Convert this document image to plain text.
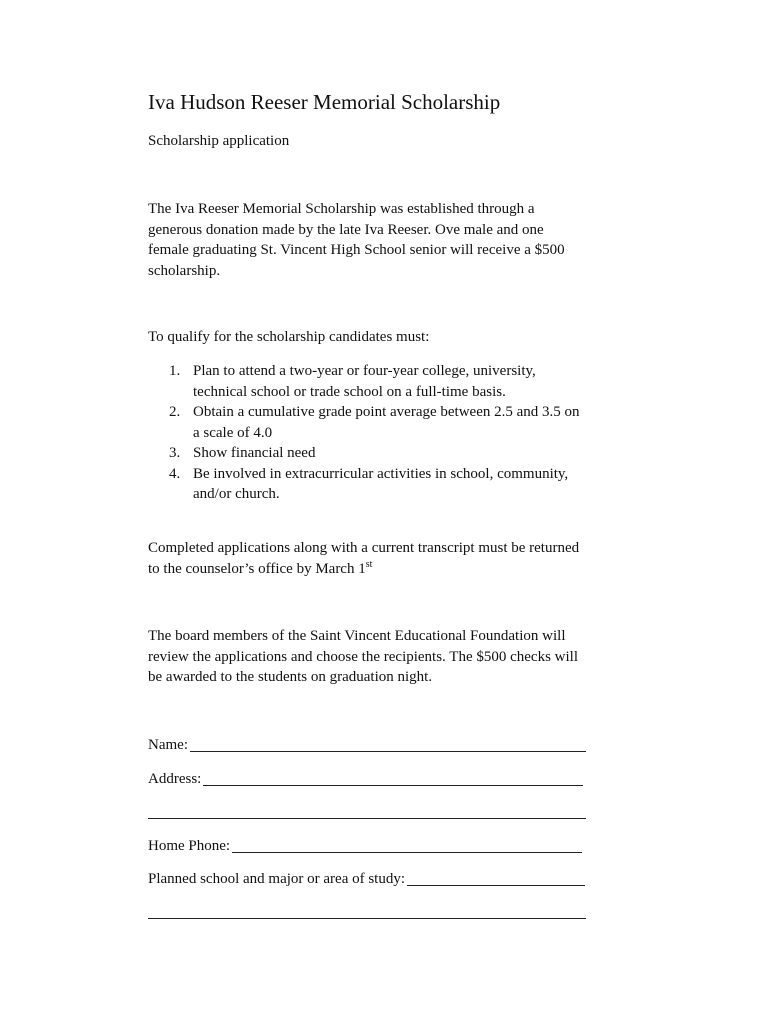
Iva Hudson Reeser Memorial Scholarship
Scholarship application

The Iva Reeser Memorial Scholarship was established through a generous donation made by the late Iva Reeser. Ove male and one female graduating St. Vincent High School senior will receive a $500 scholarship.

To qualify for the scholarship candidates must:

1. Plan to attend a two-year or four-year college, university, technical school or trade school on a full-time basis.
2. Obtain a cumulative grade point average between 2.5 and 3.5 on a scale of 4.0
3. Show financial need
4. Be involved in extracurricular activities in school, community, and/or church.

Completed applications along with a current transcript must be returned to the counselor’s office by March 1st

The board members of the Saint Vincent Educational Foundation will review the applications and choose the recipients. The $500 checks will be awarded to the students on graduation night.

Name:
Address:
Home Phone:
Planned school and major or area of study:
